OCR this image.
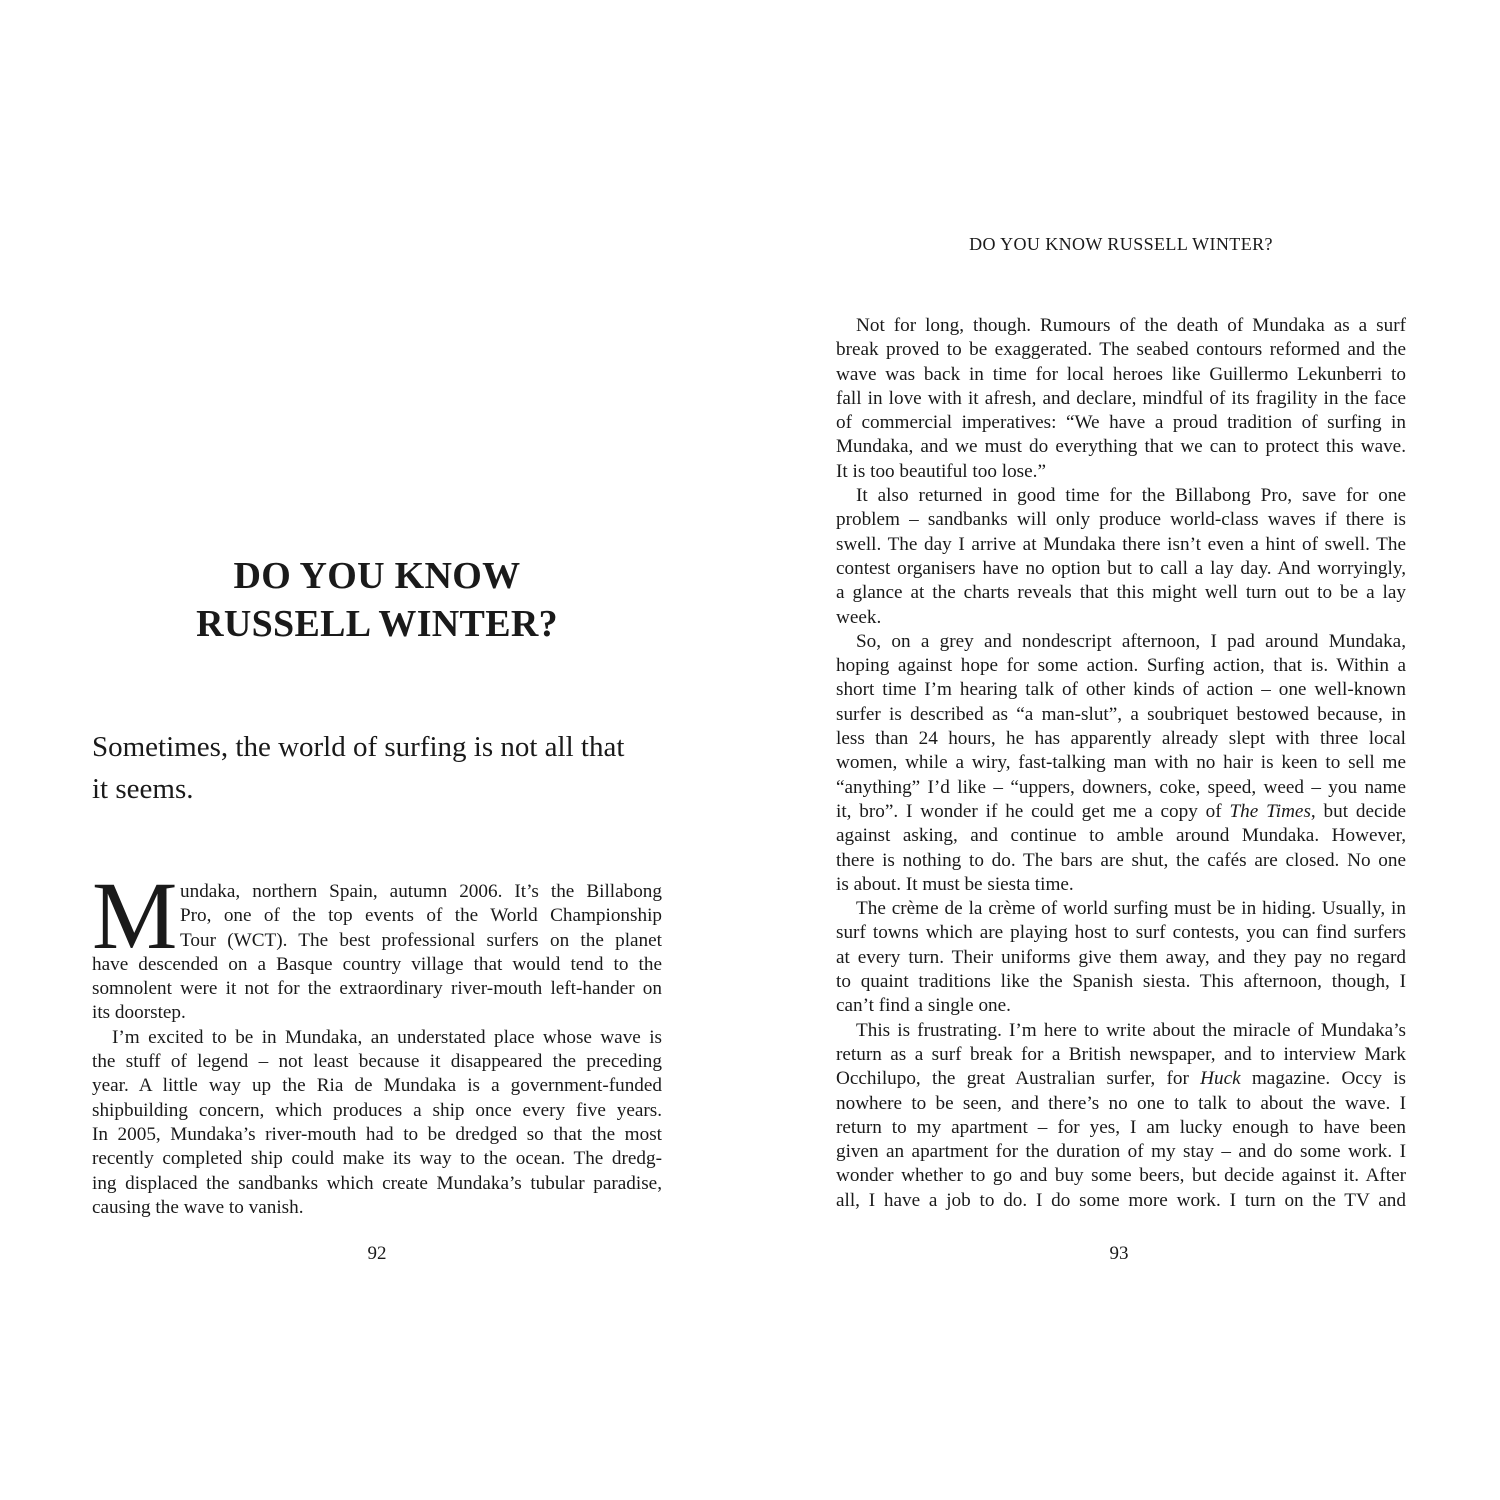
DO YOU KNOW
RUSSELL WINTER?
Sometimes, the world of surfing is not all that
it seems.
M undaka, northern Spain, autumn 2006. It’s the Billabong
Pro, one of the top events of the World Championship
Tour (WCT). The best professional surfers on the planet
have descended on a Basque country village that would tend to the
somnolent were it not for the extraordinary river-mouth left-hander on
its doorstep.
I’m excited to be in Mundaka, an understated place whose wave is
the stuff of legend – not least because it disappeared the preceding
year. A little way up the Ria de Mundaka is a government-funded
shipbuilding concern, which produces a ship once every five years.
In 2005, Mundaka’s river-mouth had to be dredged so that the most
recently completed ship could make its way to the ocean. The dredg-
ing displaced the sandbanks which create Mundaka’s tubular paradise,
causing the wave to vanish.
92
DO YOU KNOW RUSSELL WINTER?
Not for long, though. Rumours of the death of Mundaka as a surf
break proved to be exaggerated. The seabed contours reformed and the
wave was back in time for local heroes like Guillermo Lekunberri to
fall in love with it afresh, and declare, mindful of its fragility in the face
of commercial imperatives: “We have a proud tradition of surfing in
Mundaka, and we must do everything that we can to protect this wave.
It is too beautiful too lose.”
It also returned in good time for the Billabong Pro, save for one
problem – sandbanks will only produce world-class waves if there is
swell. The day I arrive at Mundaka there isn’t even a hint of swell. The
contest organisers have no option but to call a lay day. And worryingly,
a glance at the charts reveals that this might well turn out to be a lay
week.
So, on a grey and nondescript afternoon, I pad around Mundaka,
hoping against hope for some action. Surfing action, that is. Within a
short time I’m hearing talk of other kinds of action – one well-known
surfer is described as “a man-slut”, a soubriquet bestowed because, in
less than 24 hours, he has apparently already slept with three local
women, while a wiry, fast-talking man with no hair is keen to sell me
“anything” I’d like – “uppers, downers, coke, speed, weed – you name
it, bro”. I wonder if he could get me a copy of The Times, but decide
against asking, and continue to amble around Mundaka. However,
there is nothing to do. The bars are shut, the cafés are closed. No one
is about. It must be siesta time.
The crème de la crème of world surfing must be in hiding. Usually, in
surf towns which are playing host to surf contests, you can find surfers
at every turn. Their uniforms give them away, and they pay no regard
to quaint traditions like the Spanish siesta. This afternoon, though, I
can’t find a single one.
This is frustrating. I’m here to write about the miracle of Mundaka’s
return as a surf break for a British newspaper, and to interview Mark
Occhilupo, the great Australian surfer, for Huck magazine. Occy is
nowhere to be seen, and there’s no one to talk to about the wave. I
return to my apartment – for yes, I am lucky enough to have been
given an apartment for the duration of my stay – and do some work. I
wonder whether to go and buy some beers, but decide against it. After
all, I have a job to do. I do some more work. I turn on the TV and
93
